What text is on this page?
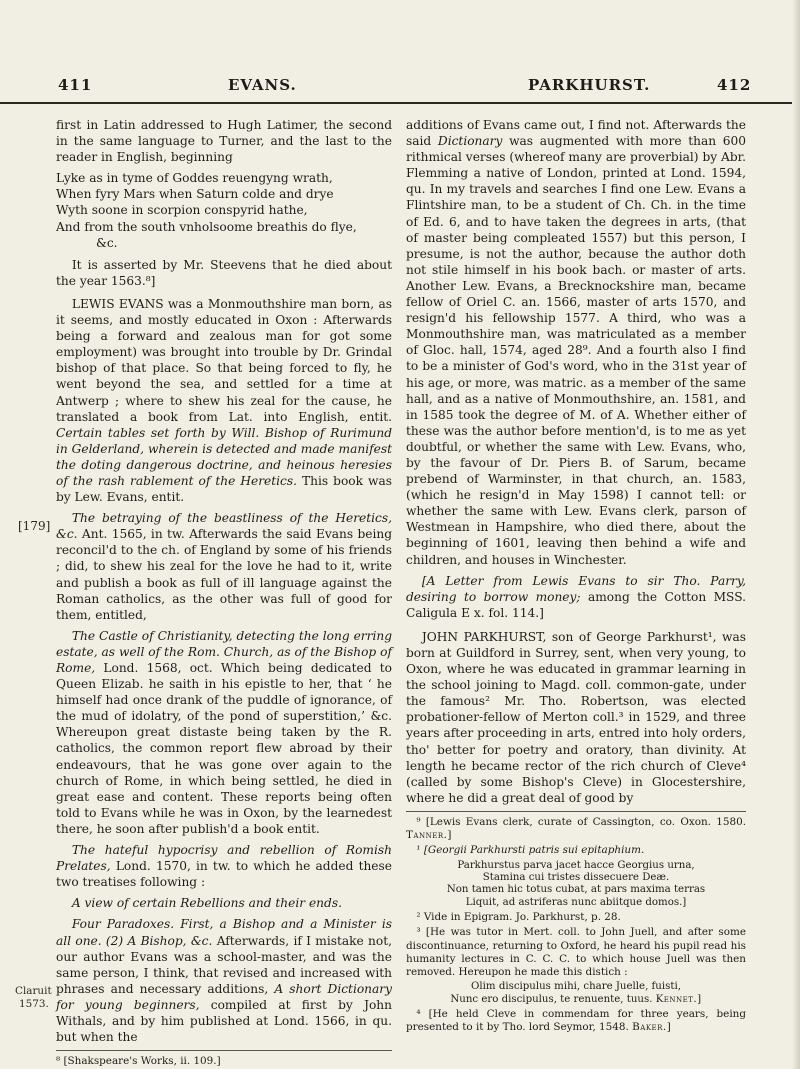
411	EVANS.	PARKHURST.	412
[179]
Claruit
1573.

first in Latin addressed to Hugh Latimer, the second in the same language to Turner, and the last to the reader in English, beginning

Lyke as in tyme of Goddes reuengyng wrath,
When fyry Mars when Saturn colde and drye
Wyth soone in scorpion conspyrid hathe,
And from the south vnholsoome breathis do flye,
&c.

It is asserted by Mr. Steevens that he died about the year 1563.⁸]

LEWIS EVANS was a Monmouthshire man born, as it seems, and mostly educated in Oxon : Afterwards being a forward and zealous man for got some employment) was brought into trouble by Dr. Grindal bishop of that place. So that being forced to fly, he went beyond the sea, and settled for a time at Antwerp ; where to shew his zeal for the cause, he translated a book from Lat. into English, entit. Certain tables set forth by Will. Bishop of Rurimund in Gelderland, wherein is detected and made manifest the doting dangerous doctrine, and heinous heresies of the rash rablement of the Heretics. This book was by Lew. Evans, entit.

The betraying of the beastliness of the Heretics, &c. Ant. 1565, in tw. Afterwards the said Evans being reconcil'd to the ch. of England by some of his friends ; did, to shew his zeal for the love he had to it, write and publish a book as full of ill language against the Roman catholics, as the other was full of good for them, entitled,

The Castle of Christianity, detecting the long erring estate, as well of the Rom. Church, as of the Bishop of Rome, Lond. 1568, oct. Which being dedicated to Queen Elizab. he saith in his epistle to her, that ‘ he himself had once drank of the puddle of ignorance, of the mud of idolatry, of the pond of superstition,’ &c. Whereupon great distaste being taken by the R. catholics, the common report flew abroad by their endeavours, that he was gone over again to the church of Rome, in which being settled, he died in great ease and content. These reports being often told to Evans while he was in Oxon, by the learnedest there, he soon after publish'd a book entit.

The hateful hypocrisy and rebellion of Romish Prelates, Lond. 1570, in tw. to which he added these two treatises following :

A view of certain Rebellions and their ends.

Four Paradoxes. First, a Bishop and a Minister is all one. (2) A Bishop, &c. Afterwards, if I mistake not, our author Evans was a school-master, and was the same person, I think, that revised and increased with phrases and necessary additions, A short Dictionary for young beginners, compiled at first by John Withals, and by him published at Lond. 1566, in qu. but when the

⁸ [Shakspeare's Works, ii. 109.]

additions of Evans came out, I find not. Afterwards the said Dictionary was augmented with more than 600 rithmical verses (whereof many are proverbial) by Abr. Flemming a native of London, printed at Lond. 1594, qu. In my travels and searches I find one Lew. Evans a Flintshire man, to be a student of Ch. Ch. in the time of Ed. 6, and to have taken the degrees in arts, (that of master being compleated 1557) but this person, I presume, is not the author, because the author doth not stile himself in his book bach. or master of arts. Another Lew. Evans, a Brecknockshire man, became fellow of Oriel C. an. 1566, master of arts 1570, and resign'd his fellowship 1577. A third, who was a Monmouthshire man, was matriculated as a member of Gloc. hall, 1574, aged 28⁹. And a fourth also I find to be a minister of God's word, who in the 31st year of his age, or more, was matric. as a member of the same hall, and as a native of Monmouthshire, an. 1581, and in 1585 took the degree of M. of A. Whether either of these was the author before mention'd, is to me as yet doubtful, or whether the same with Lew. Evans, who, by the favour of Dr. Piers B. of Sarum, became prebend of Warminster, in that church, an. 1583, (which he resign'd in May 1598) I cannot tell: or whether the same with Lew. Evans clerk, parson of Westmean in Hampshire, who died there, about the beginning of 1601, leaving then behind a wife and children, and houses in Winchester.

[A Letter from Lewis Evans to sir Tho. Parry, desiring to borrow money; among the Cotton MSS. Caligula E x. fol. 114.]

JOHN PARKHURST, son of George Parkhurst¹, was born at Guildford in Surrey, sent, when very young, to Oxon, where he was educated in grammar learning in the school joining to Magd. coll. common-gate, under the famous² Mr. Tho. Robertson, was elected probationer-fellow of Merton coll.³ in 1529, and three years after proceeding in arts, entred into holy orders, tho' better for poetry and oratory, than divinity. At length he became rector of the rich church of Cleve⁴ (called by some Bishop's Cleve) in Glocestershire, where he did a great deal of good by

⁹ [Lewis Evans clerk, curate of Cassington, co. Oxon. 1580. Tanner.]

¹ [Georgii Parkhursti patris sui epitaphium.

Parkhurstus parva jacet hacce Georgius urna,
Stamina cui tristes dissecuere Deæ.
Non tamen hic totus cubat, at pars maxima terras
Liquit, ad astriferas nunc abiitque domos.]

² Vide in Epigram. Jo. Parkhurst, p. 28.

³ [He was tutor in Mert. coll. to John Juell, and after some discontinuance, returning to Oxford, he heard his pupil read his humanity lectures in C. C. C. to which house Juell was then removed. Hereupon he made this distich :

Olim discipulus mihi, chare Juelle, fuisti,
Nunc ero discipulus, te renuente, tuus. Kennet.]

⁴ [He held Cleve in commendam for three years, being presented to it by Tho. lord Seymor, 1548. Baker.]
